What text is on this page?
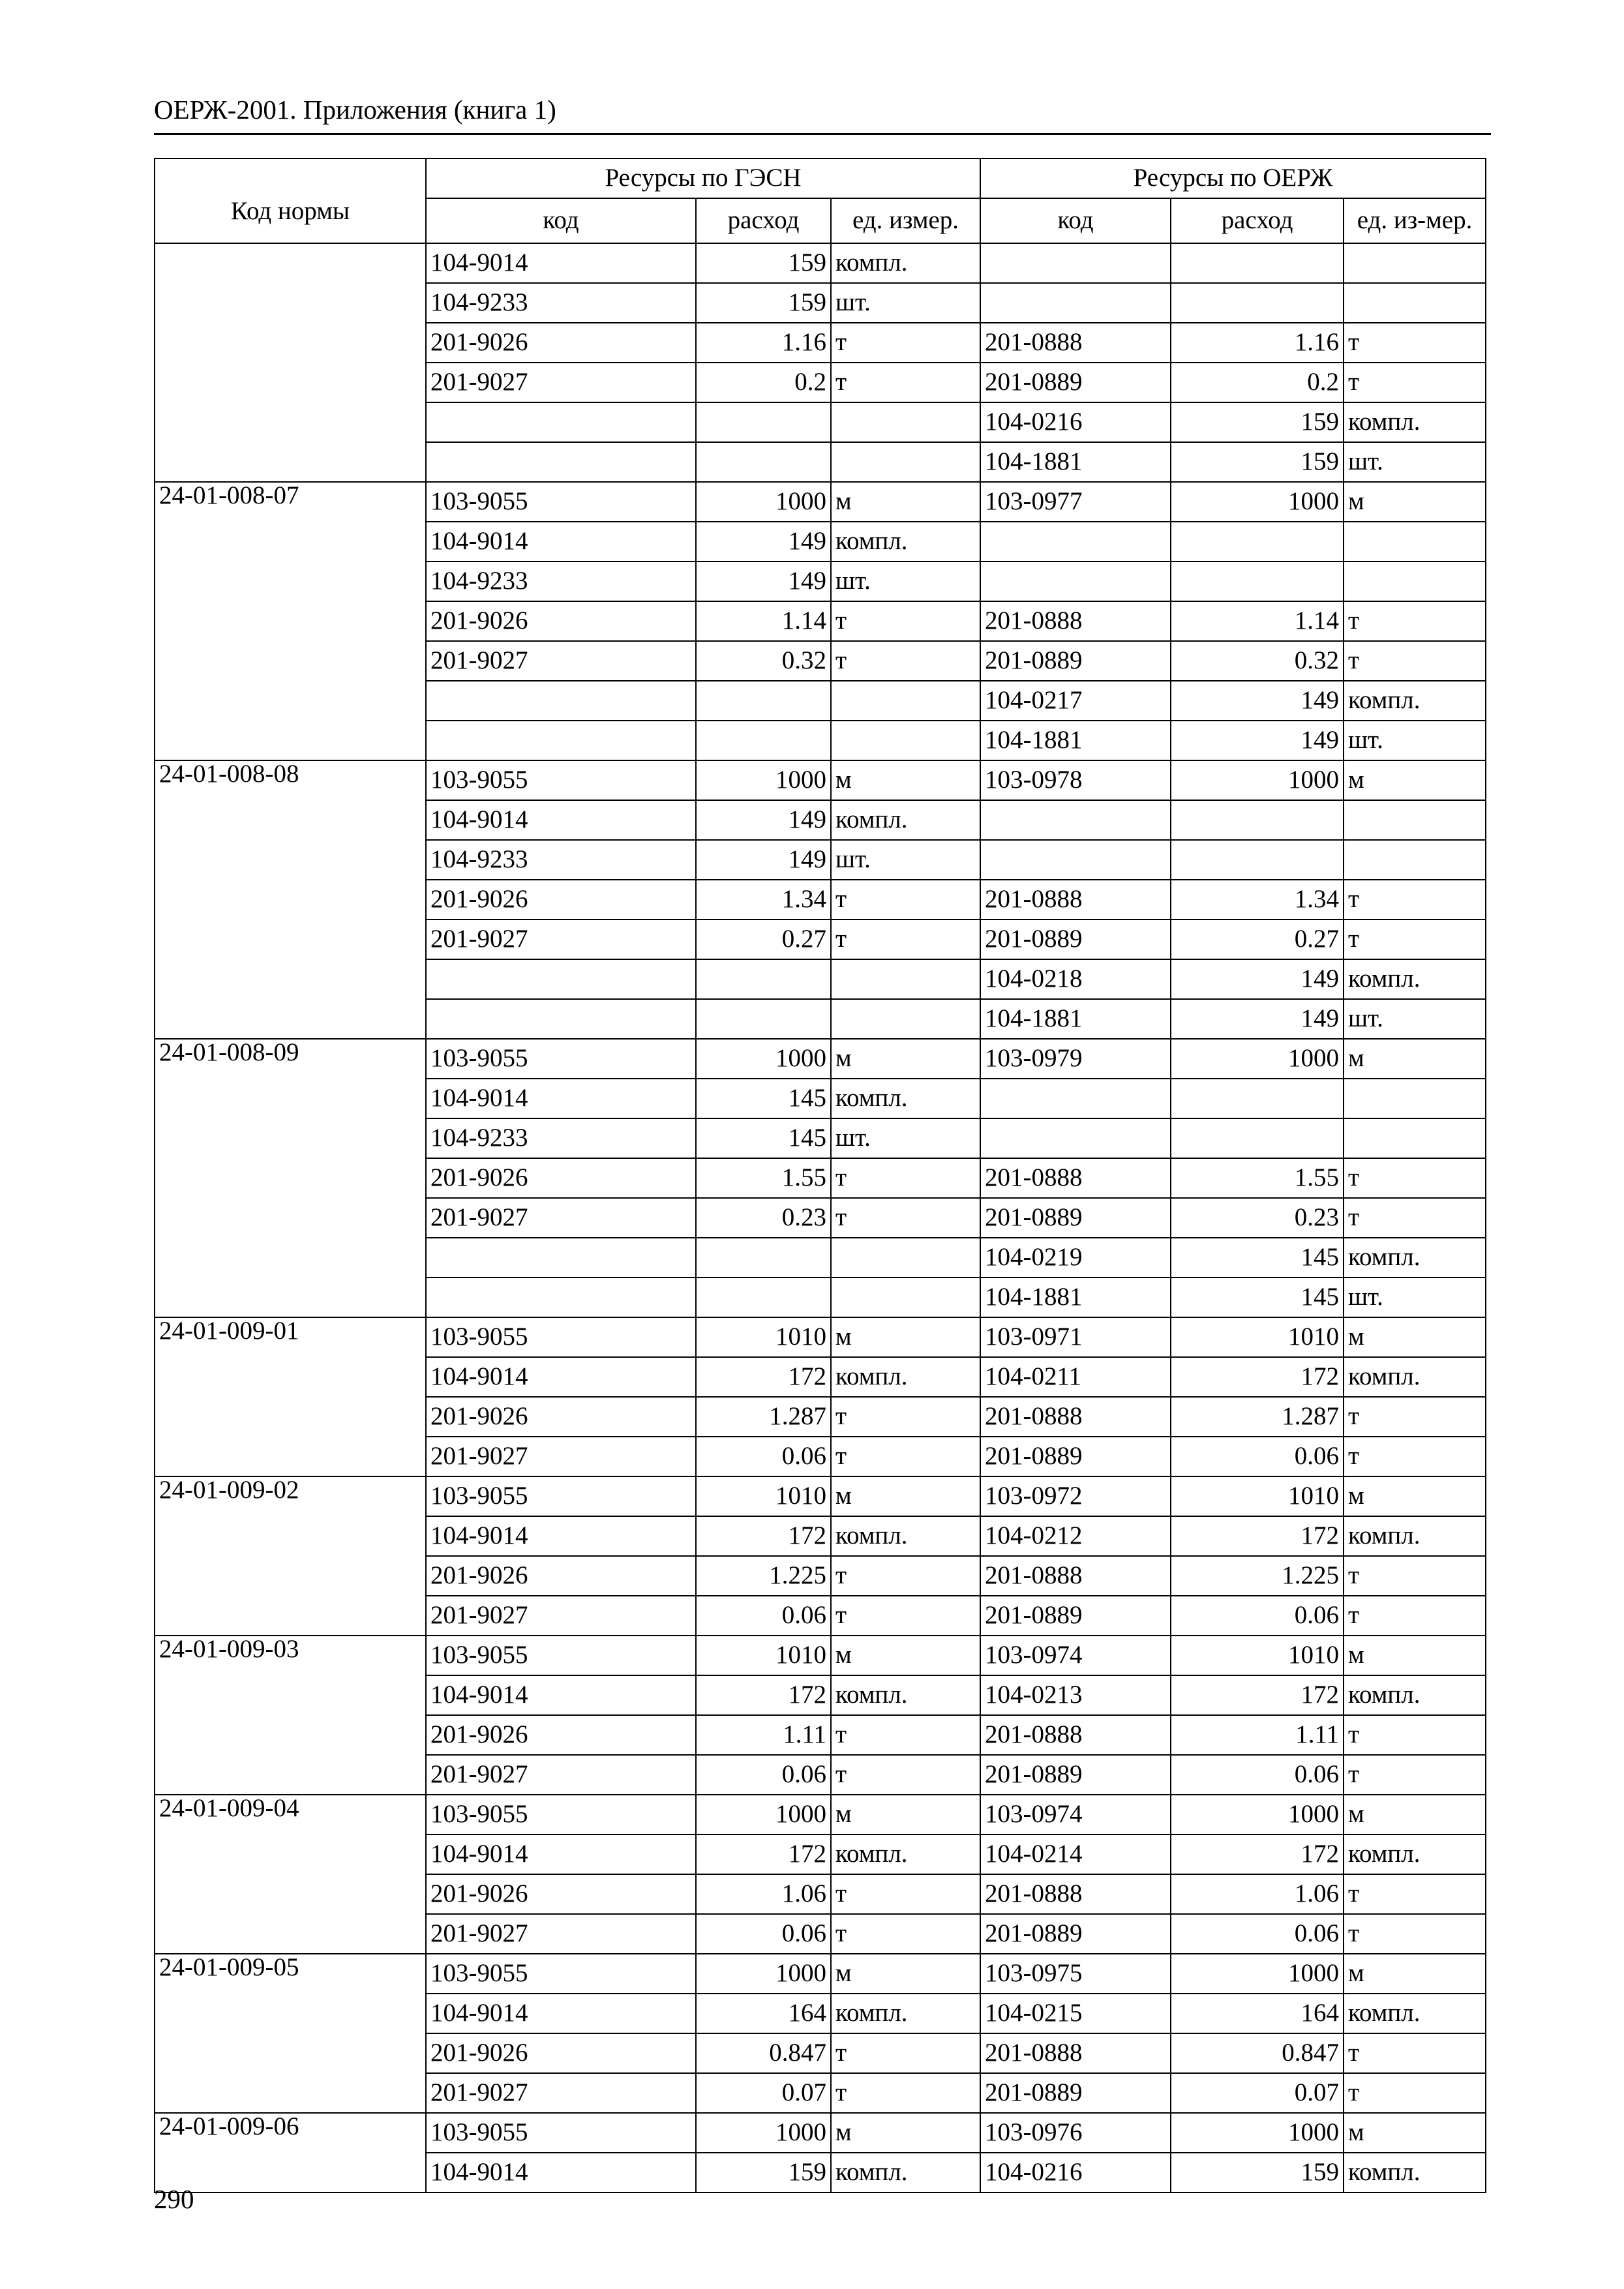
ОЕРЖ-2001. Приложения (книга 1)
Код нормы	Ресурсы по ГЭСН			Ресурсы по ОЕРЖ		
	код	расход	ед. измер.	код	расход	ед. из-мер.
	104-9014	159	компл.			
	104-9233	159	шт.			
	201-9026	1.16	т	201-0888	1.16	т
	201-9027	0.2	т	201-0889	0.2	т
				104-0216	159	компл.
				104-1881	159	шт.
24-01-008-07	103-9055	1000	м	103-0977	1000	м
	104-9014	149	компл.			
	104-9233	149	шт.			
	201-9026	1.14	т	201-0888	1.14	т
	201-9027	0.32	т	201-0889	0.32	т
				104-0217	149	компл.
				104-1881	149	шт.
24-01-008-08	103-9055	1000	м	103-0978	1000	м
	104-9014	149	компл.			
	104-9233	149	шт.			
	201-9026	1.34	т	201-0888	1.34	т
	201-9027	0.27	т	201-0889	0.27	т
				104-0218	149	компл.
				104-1881	149	шт.
24-01-008-09	103-9055	1000	м	103-0979	1000	м
	104-9014	145	компл.			
	104-9233	145	шт.			
	201-9026	1.55	т	201-0888	1.55	т
	201-9027	0.23	т	201-0889	0.23	т
				104-0219	145	компл.
				104-1881	145	шт.
24-01-009-01	103-9055	1010	м	103-0971	1010	м
	104-9014	172	компл.	104-0211	172	компл.
	201-9026	1.287	т	201-0888	1.287	т
	201-9027	0.06	т	201-0889	0.06	т
24-01-009-02	103-9055	1010	м	103-0972	1010	м
	104-9014	172	компл.	104-0212	172	компл.
	201-9026	1.225	т	201-0888	1.225	т
	201-9027	0.06	т	201-0889	0.06	т
24-01-009-03	103-9055	1010	м	103-0974	1010	м
	104-9014	172	компл.	104-0213	172	компл.
	201-9026	1.11	т	201-0888	1.11	т
	201-9027	0.06	т	201-0889	0.06	т
24-01-009-04	103-9055	1000	м	103-0974	1000	м
	104-9014	172	компл.	104-0214	172	компл.
	201-9026	1.06	т	201-0888	1.06	т
	201-9027	0.06	т	201-0889	0.06	т
24-01-009-05	103-9055	1000	м	103-0975	1000	м
	104-9014	164	компл.	104-0215	164	компл.
	201-9026	0.847	т	201-0888	0.847	т
	201-9027	0.07	т	201-0889	0.07	т
24-01-009-06	103-9055	1000	м	103-0976	1000	м
	104-9014	159	компл.	104-0216	159	компл.
290
